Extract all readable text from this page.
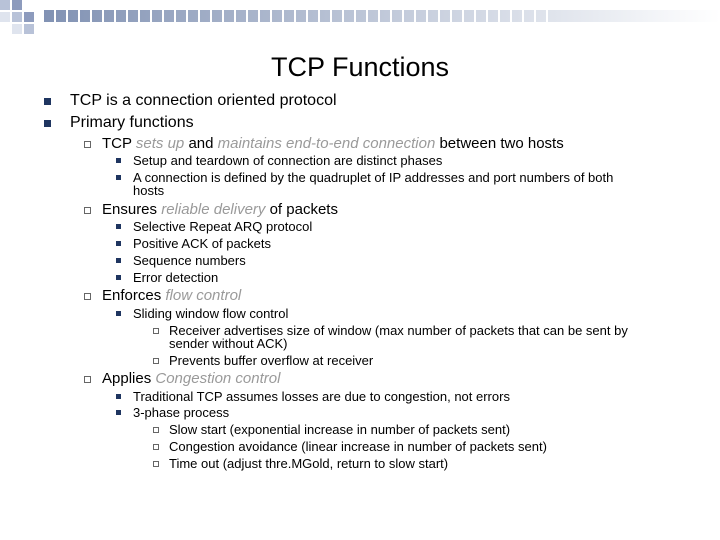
TCP Functions
TCP is a connection oriented protocol
Primary functions
TCP sets up and maintains end-to-end connection between two hosts
Setup and teardown of connection are distinct phases
A connection is defined by the quadruplet of IP addresses and port numbers of both
hosts
Ensures reliable delivery of packets
Selective Repeat ARQ protocol
Positive ACK of packets
Sequence numbers
Error detection
Enforces flow control
Sliding window flow control
Receiver advertises size of window (max number of packets that can be sent by
sender without ACK)
Prevents buffer overflow at receiver
Applies Congestion control
Traditional TCP assumes losses are due to congestion, not errors
3-phase process
Slow start (exponential increase in number of packets sent)
Congestion avoidance (linear increase in number of packets sent)
Time out (adjust thre.MGold, return to slow start)
